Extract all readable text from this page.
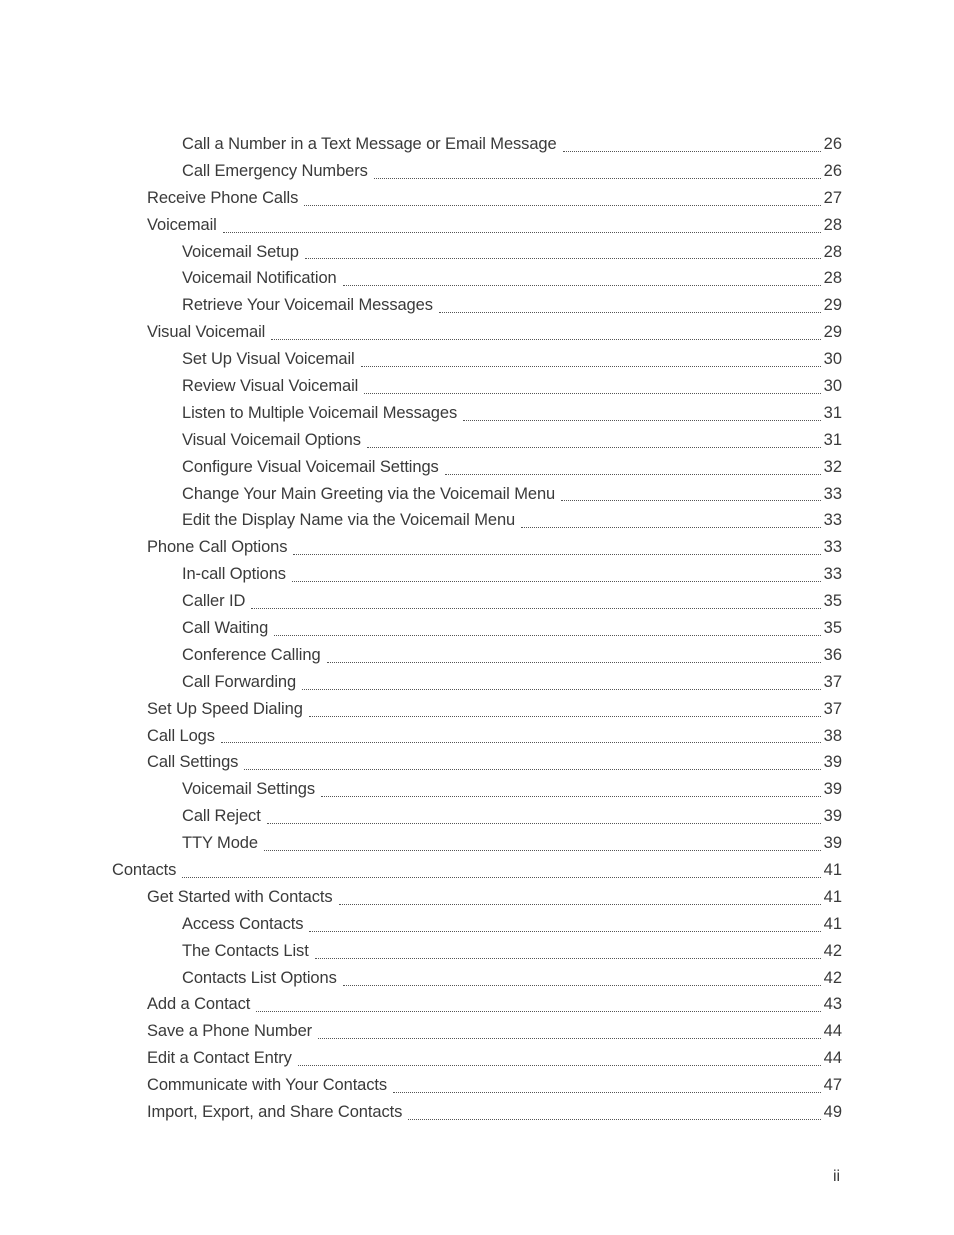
Call a Number in a Text Message or Email Message	26
Call Emergency Numbers	26
Receive Phone Calls	27
Voicemail	28
Voicemail Setup	28
Voicemail Notification	28
Retrieve Your Voicemail Messages	29
Visual Voicemail	29
Set Up Visual Voicemail	30
Review Visual Voicemail	30
Listen to Multiple Voicemail Messages	31
Visual Voicemail Options	31
Configure Visual Voicemail Settings	32
Change Your Main Greeting via the Voicemail Menu	33
Edit the Display Name via the Voicemail Menu	33
Phone Call Options	33
In-call Options	33
Caller ID	35
Call Waiting	35
Conference Calling	36
Call Forwarding	37
Set Up Speed Dialing	37
Call Logs	38
Call Settings	39
Voicemail Settings	39
Call Reject	39
TTY Mode	39
Contacts	41
Get Started with Contacts	41
Access Contacts	41
The Contacts List	42
Contacts List Options	42
Add a Contact	43
Save a Phone Number	44
Edit a Contact Entry	44
Communicate with Your Contacts	47
Import, Export, and Share Contacts	49
ii
